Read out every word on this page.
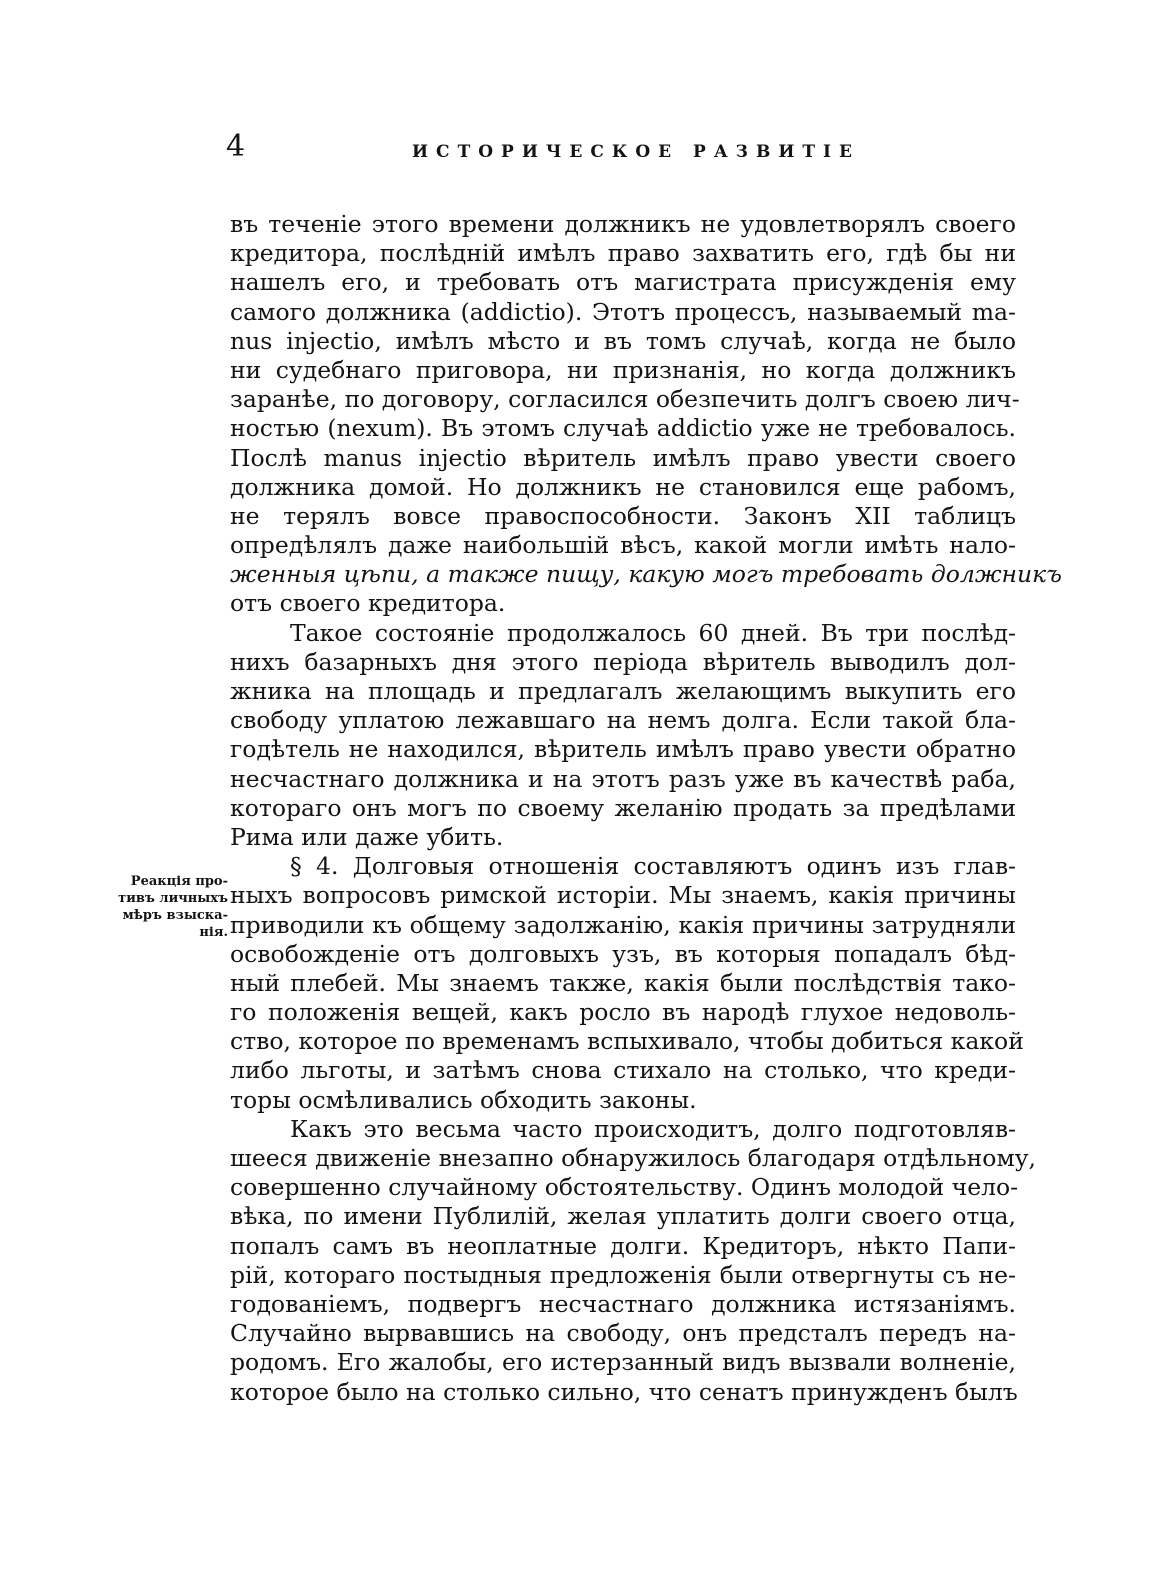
4	ИСТОРИЧЕСКОЕ РАЗВИТІЕ
Реакція про-
тивъ личныхъ
мѣръ взыска-
нія.
въ теченіе этого времени должникъ не удовлетворялъ своего
кредитора, послѣдній имѣлъ право захватить его, гдѣ бы ни
нашелъ его, и требовать отъ магистрата присужденія ему
самого должника (addictio). Этотъ процессъ, называемый ma-
nus injectio, имѣлъ мѣсто и въ томъ случаѣ, когда не было
ни судебнаго приговора, ни признанія, но когда должникъ
заранѣе, по договору, согласился обезпечить долгъ своею лич-
ностью (nexum). Въ этомъ случаѣ addictio уже не требовалось.
Послѣ manus injectio вѣритель имѣлъ право увести своего
должника домой. Но должникъ не становился еще рабомъ,
не терялъ вовсе правоспособности. Законъ XII таблицъ
опредѣлялъ даже наибольшій вѣсъ, какой могли имѣть нало-
женныя цѣпи, а также пищу, какую могъ требовать должникъ
отъ своего кредитора.
Такое состояніе продолжалось 60 дней. Въ три послѣд-
нихъ базарныхъ дня этого періода вѣритель выводилъ дол-
жника на площадь и предлагалъ желающимъ выкупить его
свободу уплатою лежавшаго на немъ долга. Если такой бла-
годѣтель не находился, вѣритель имѣлъ право увести обратно
несчастнаго должника и на этотъ разъ уже въ качествѣ раба,
котораго онъ могъ по своему желанію продать за предѣлами
Рима или даже убить.
§ 4. Долговыя отношенія составляютъ одинъ изъ глав-
ныхъ вопросовъ римской исторіи. Мы знаемъ, какія причины
приводили къ общему задолжанію, какія причины затрудняли
освобожденіе отъ долговыхъ узъ, въ которыя попадалъ бѣд-
ный плебей. Мы знаемъ также, какія были послѣдствія тако-
го положенія вещей, какъ росло въ народѣ глухое недоволь-
ство, которое по временамъ вспыхивало, чтобы добиться какой
либо льготы, и затѣмъ снова стихало на столько, что креди-
торы осмѣливались обходить законы.
Какъ это весьма часто происходитъ, долго подготовляв-
шееся движеніе внезапно обнаружилось благодаря отдѣльному,
совершенно случайному обстоятельству. Одинъ молодой чело-
вѣка, по имени Публилій, желая уплатить долги своего отца,
попалъ самъ въ неоплатные долги. Кредиторъ, нѣкто Папи-
рій, котораго постыдныя предложенія были отвергнуты съ не-
годованіемъ, подвергъ несчастнаго должника истязаніямъ.
Случайно вырвавшись на свободу, онъ предсталъ передъ на-
родомъ. Его жалобы, его истерзанный видъ вызвали волненіе,
которое было на столько сильно, что сенатъ принужденъ былъ
